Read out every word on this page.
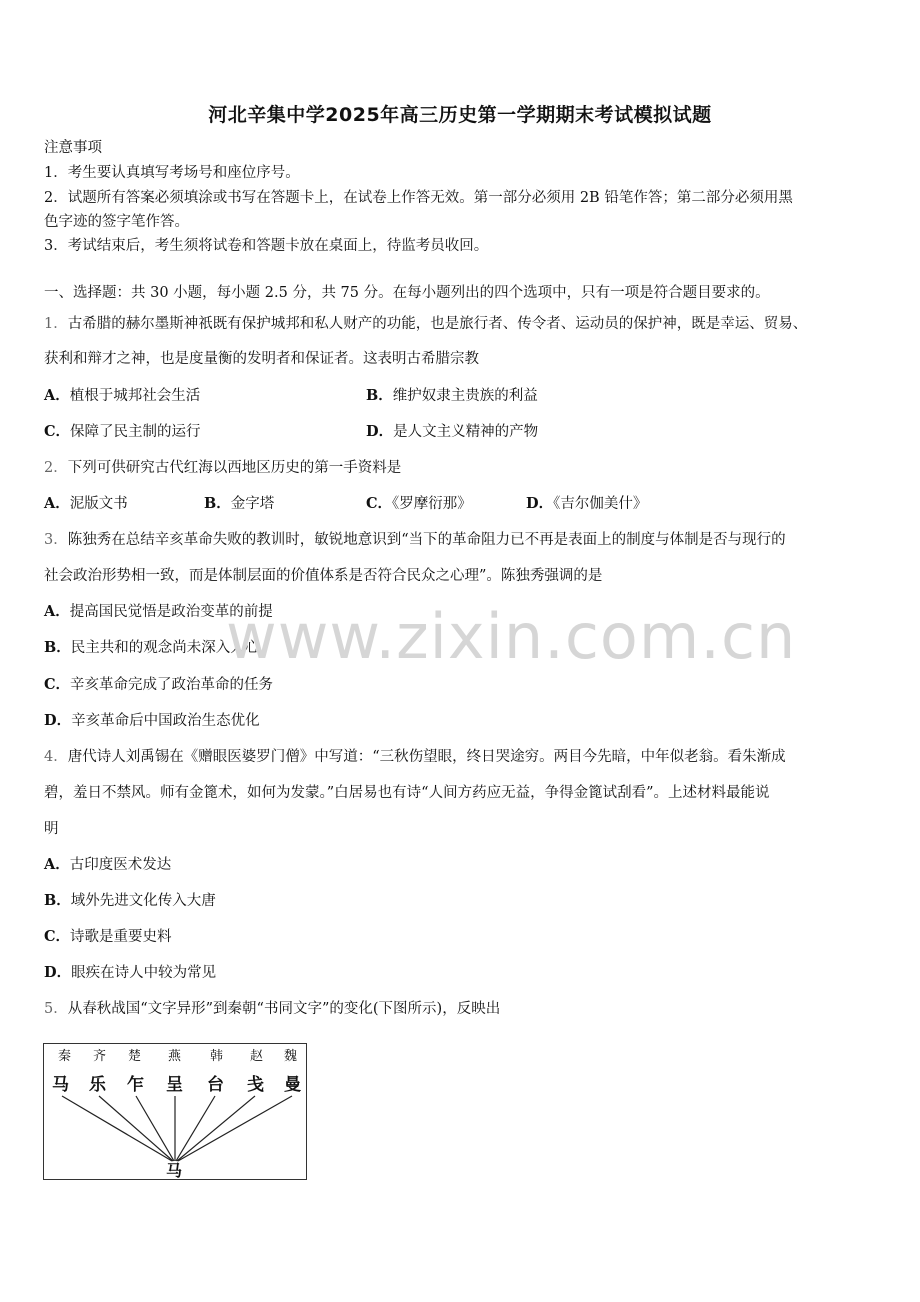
河北辛集中学2025年高三历史第一学期期末考试模拟试题
注意事项
1．考生要认真填写考场号和座位序号。
2．试题所有答案必须填涂或书写在答题卡上，在试卷上作答无效。第一部分必须用 2B 铅笔作答；第二部分必须用黑
色字迹的签字笔作答。
3．考试结束后，考生须将试卷和答题卡放在桌面上，待监考员收回。
一、选择题：共 30 小题，每小题 2.5 分，共 75 分。在每小题列出的四个选项中，只有一项是符合题目要求的。
1．古希腊的赫尔墨斯神祇既有保护城邦和私人财产的功能，也是旅行者、传令者、运动员的保护神，既是幸运、贸易、
获利和辩才之神，也是度量衡的发明者和保证者。这表明古希腊宗教
A．植根于城邦社会生活	B．维护奴隶主贵族的利益
C．保障了民主制的运行	D．是人文主义精神的产物
2．下列可供研究古代红海以西地区历史的第一手资料是
A．泥版文书	B．金字塔	C．《罗摩衍那》	D．《吉尔伽美什》
3．陈独秀在总结辛亥革命失败的教训时，敏锐地意识到“当下的革命阻力已不再是表面上的制度与体制是否与现行的
社会政治形势相一致，而是体制层面的价值体系是否符合民众之心理”。陈独秀强调的是
A．提高国民觉悟是政治变革的前提
B．民主共和的观念尚未深入人心
C．辛亥革命完成了政治革命的任务
D．辛亥革命后中国政治生态优化
4．唐代诗人刘禹锡在《赠眼医婆罗门僧》中写道：“三秋伤望眼，终日哭途穷。两目今先暗，中年似老翁。看朱渐成
碧，羞日不禁风。师有金篦术，如何为发蒙。”白居易也有诗“人间方药应无益，争得金篦试刮看”。上述材料最能说
明
A．古印度医术发达
B．域外先进文化传入大唐
C．诗歌是重要史料
D．眼疾在诗人中较为常见
5．从春秋战国“文字异形”到秦朝“书同文字”的变化(下图所示)，反映出
秦 齐 楚 燕 韩 赵 魏
马 乐 乍 呈 台 戋 曼
马
www.zixin.com.cn
